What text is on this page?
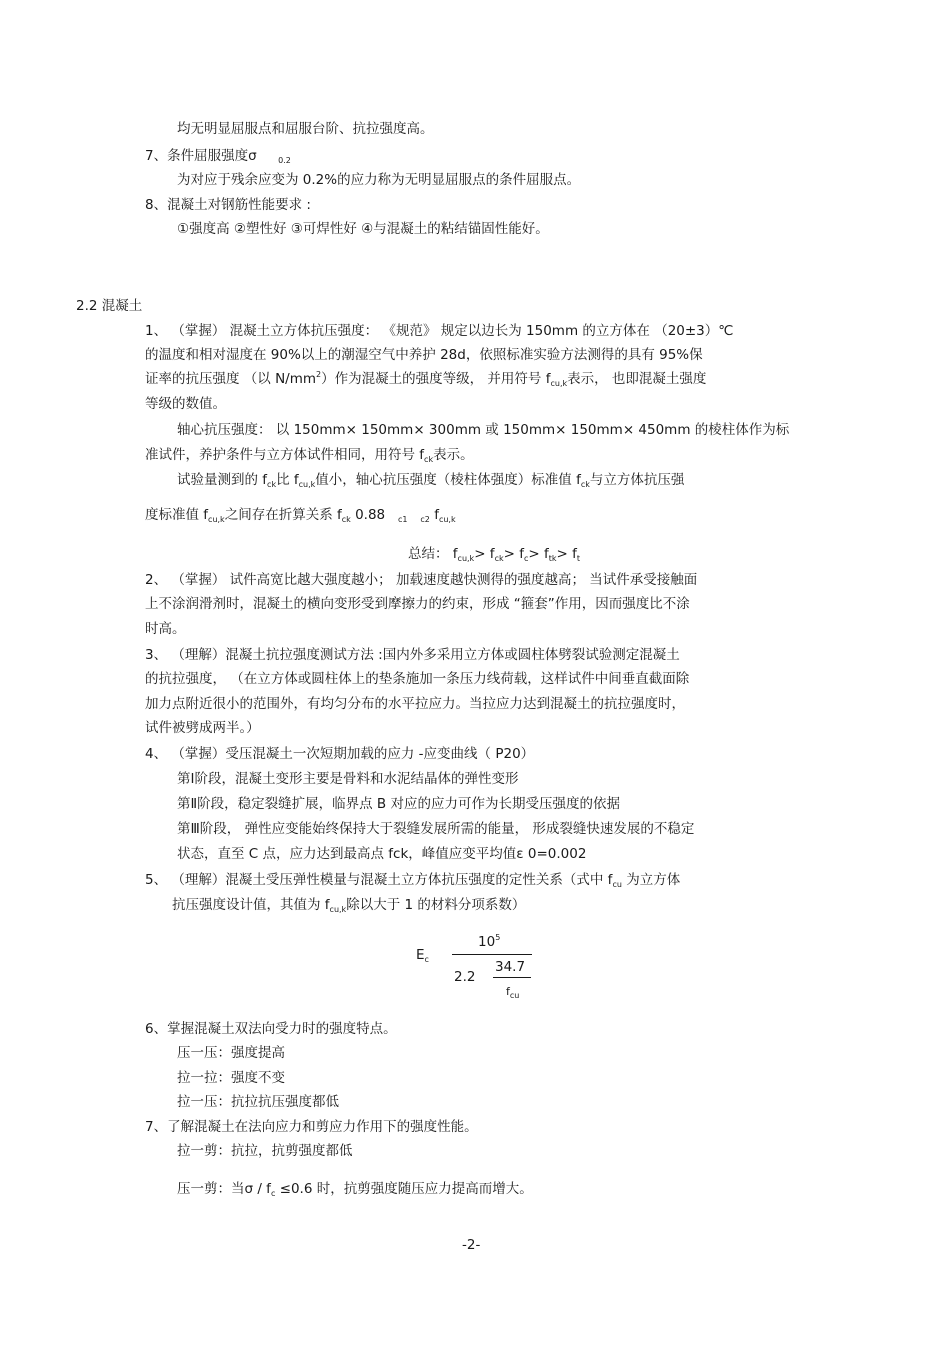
均无明显屈服点和屈服台阶、抗拉强度高。
7、条件屈服强度σ	$_{0.2}$
为对应于残余应变为 0.2%的应力称为无明显屈服点的条件屈服点。
8、混凝土对钢筋性能要求 :
①强度高 ②塑性好 ③可焊性好 ④与混凝土的粘结锚固性能好。
2.2 混凝土
1、 （掌握） 混凝土立方体抗压强度： 《规范》 规定以边长为 150mm 的立方体在 （20±3）℃
的温度和相对湿度在 90%以上的潮湿空气中养护 28d，依照标准实验方法测得的具有 95%保
证率的抗压强度 （以 $N/mm^2$）作为混凝土的强度等级， 并用符号 $f_{cu,k}$表示， 也即混凝土强度
等级的数值。
轴心抗压强度： 以 150mm× 150mm× 300mm 或 150mm× 150mm× 450mm 的棱柱体作为标
准试件，养护条件与立方体试件相同，用符号 $f_{ck}$表示。
试验量测到的 $f_{ck}$比 $f_{cu,k}$值小，轴心抗压强度（棱柱体强度）标准值 $f_{ck}$与立方体抗压强
度标准值 $f_{cu,k}$之间存在折算关系 $f_{ck}$ 0.88 $_{c1}$ $_{c2}$ $f_{cu,k}$
总结： $f_{cu,k}> f_{ck}> f_c> f_{tk}> f_t$
2、 （掌握） 试件高宽比越大强度越小； 加载速度越快测得的强度越高； 当试件承受接触面
上不涂润滑剂时，混凝土的横向变形受到摩擦力的约束，形成 “箍套”作用，因而强度比不涂
时高。
3、 （理解）混凝土抗拉强度测试方法 :国内外多采用立方体或圆柱体劈裂试验测定混凝土
的抗拉强度， （在立方体或圆柱体上的垫条施加一条压力线荷载，这样试件中间垂直截面除
加力点附近很小的范围外，有均匀分布的水平拉应力。当拉应力达到混凝土的抗拉强度时，
试件被劈成两半。）
4、 （掌握）受压混凝土一次短期加载的应力 -应变曲线（ P20）
第Ⅰ阶段，混凝土变形主要是骨料和水泥结晶体的弹性变形
第Ⅱ阶段，稳定裂缝扩展，临界点 B 对应的应力可作为长期受压强度的依据
第Ⅲ阶段， 弹性应变能始终保持大于裂缝发展所需的能量， 形成裂缝快速发展的不稳定
状态，直至 C 点，应力达到最高点 fck，峰值应变平均值ε 0=0.002
5、 （理解）混凝土受压弹性模量与混凝土立方体抗压强度的定性关系（式中 $f_{cu}$ 为立方体
抗压强度设计值，其值为 $f_{cu,k}$除以大于 1 的材料分项系数）
$E_c$
$10^5$
2.2
34.7
$f_{cu}$
6、掌握混凝土双法向受力时的强度特点。
压一压：强度提高
拉一拉：强度不变
拉一压：抗拉抗压强度都低
7、了解混凝土在法向应力和剪应力作用下的强度性能。
拉一剪：抗拉，抗剪强度都低
压一剪：当$\sigma / f_c \le 0.6$ 时，抗剪强度随压应力提高而增大。
-2-
